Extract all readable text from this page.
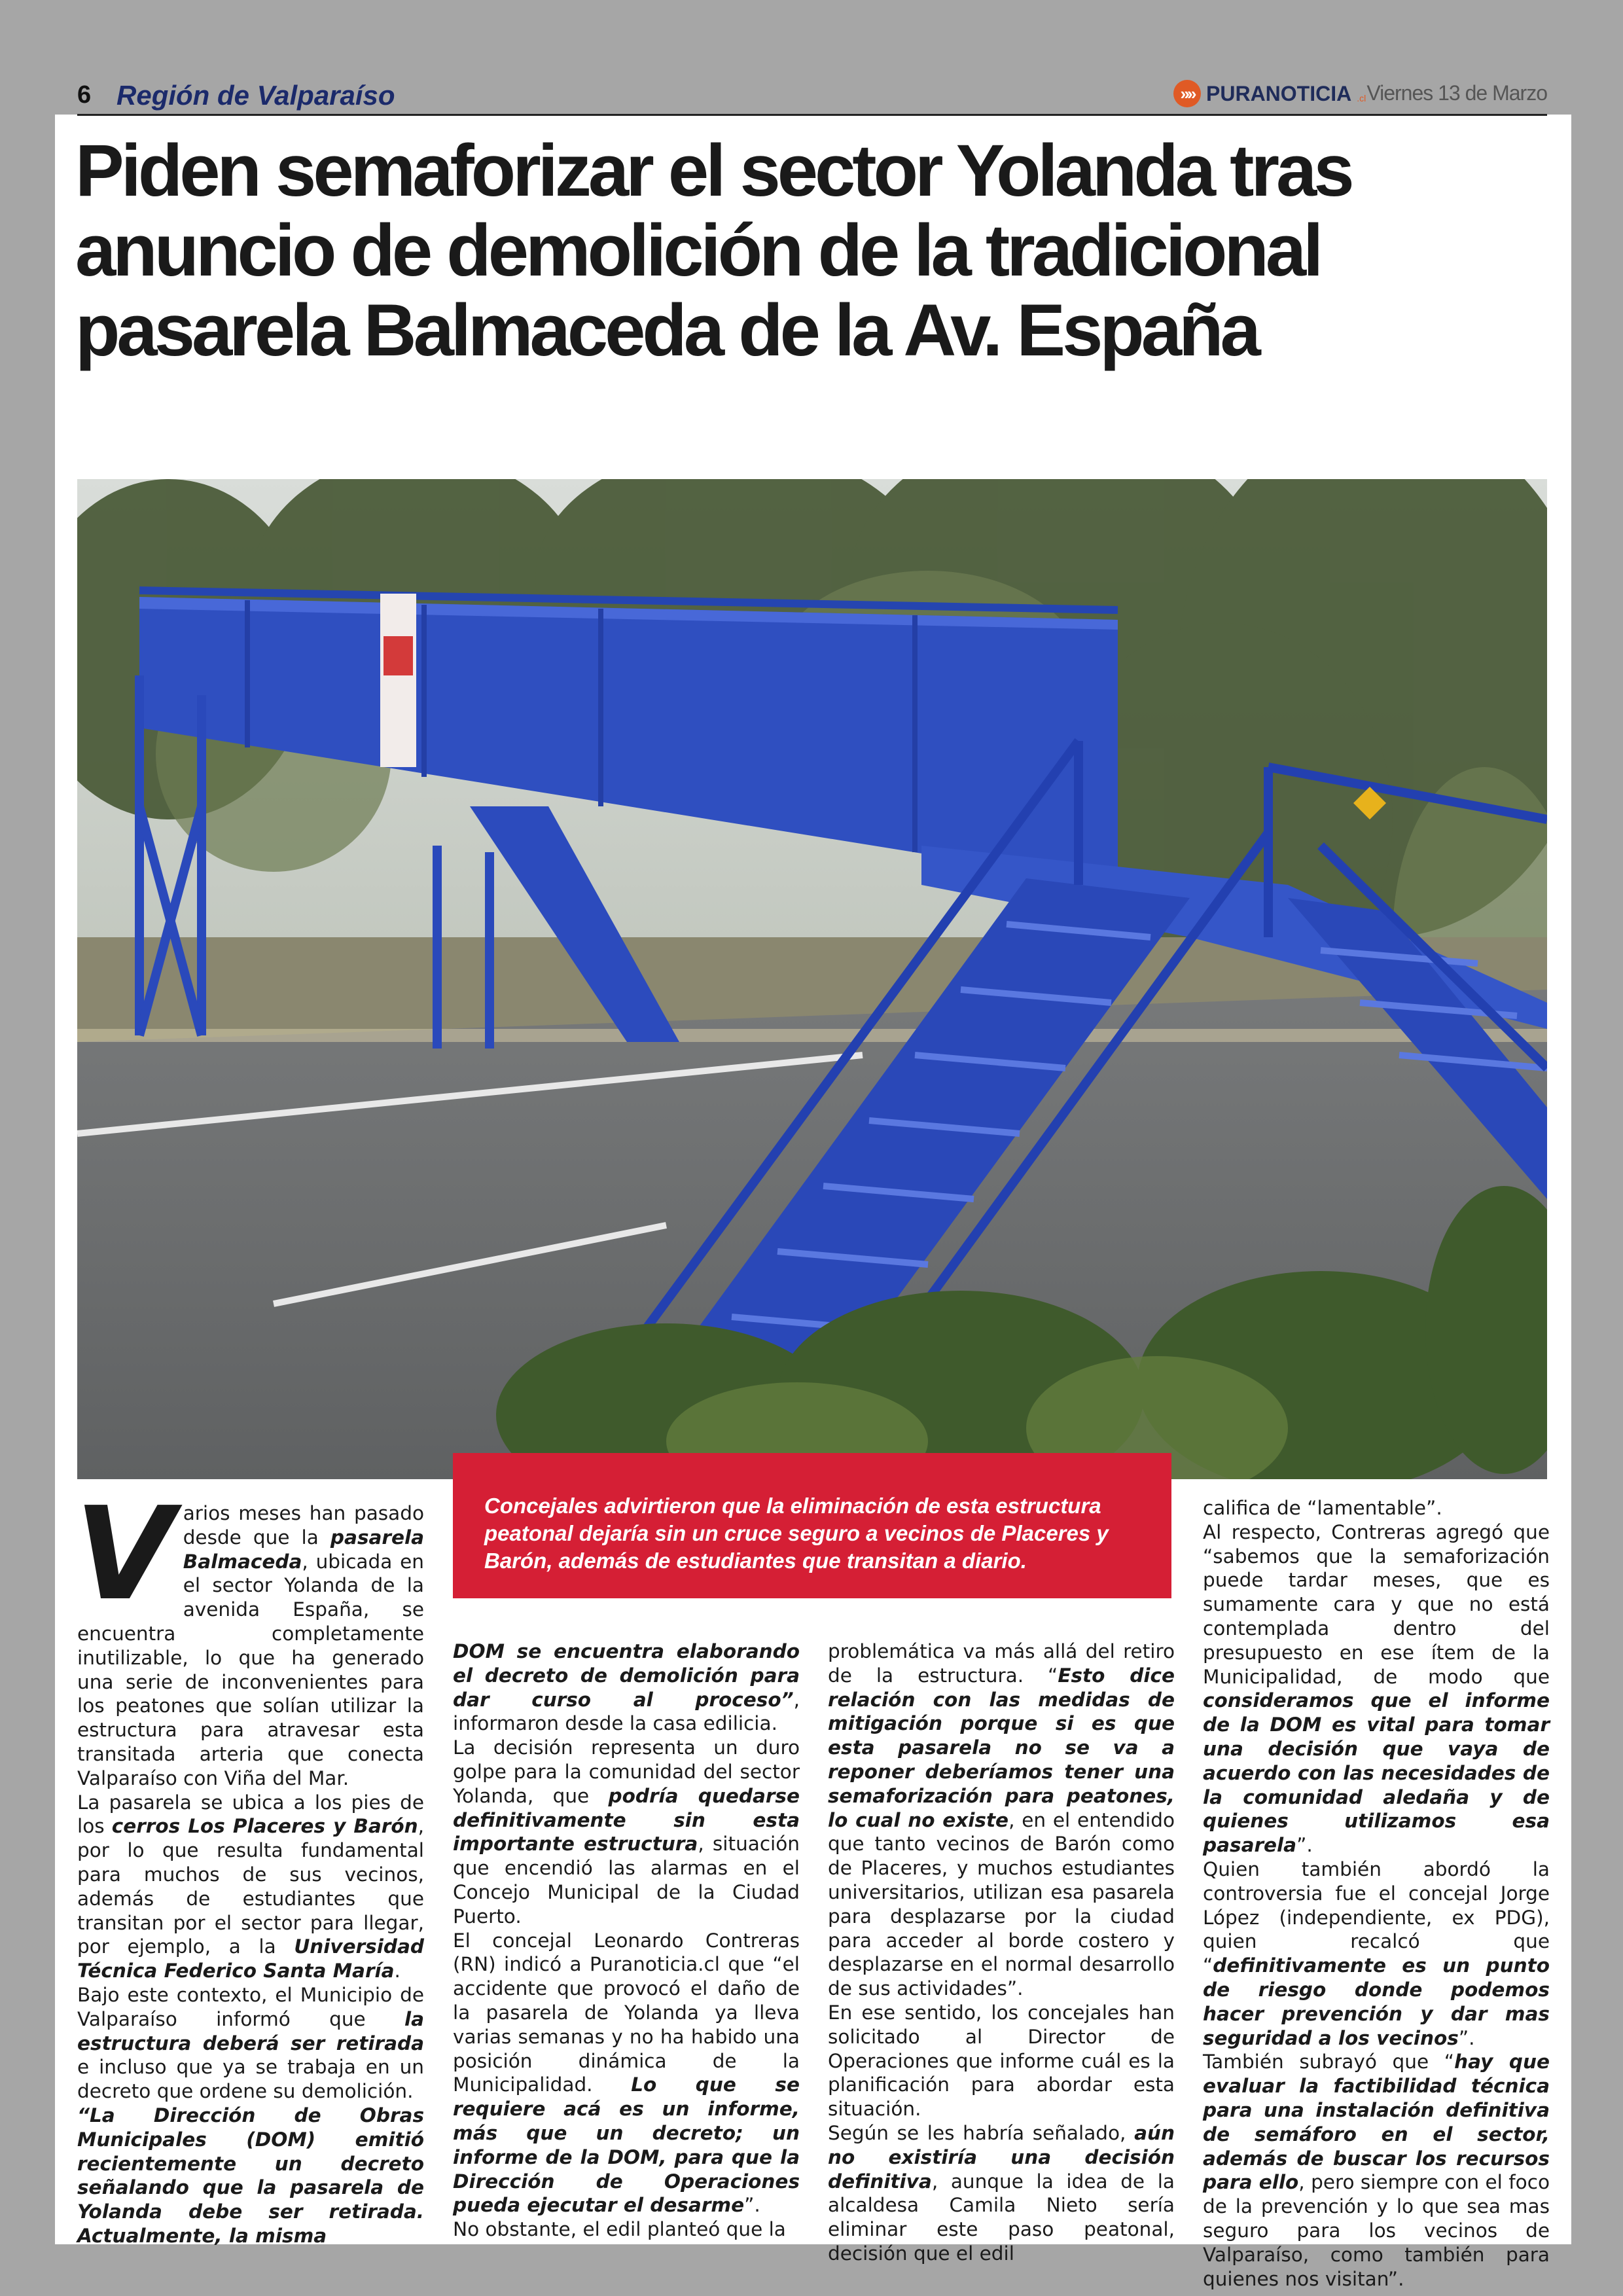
6 Región de Valparaíso	»» PURANOTICIA .cl Viernes 13 de Marzo
Piden semaforizar el sector Yolanda tras anuncio de demolición de la tradicional pasarela Balmaceda de la Av. España

Concejales advirtieron que la eliminación de esta estructura peatonal dejaría sin un cruce seguro a vecinos de Placeres y Barón, además de estudiantes que transitan a diario.

Varios meses han pasado desde que la pasarela Balmaceda, ubicada en el sector Yolanda de la avenida España, se encuentra completamente inutilizable, lo que ha generado una serie de inconvenientes para los peatones que solían utilizar la estructura para atravesar esta transitada arteria que conecta Valparaíso con Viña del Mar.

La pasarela se ubica a los pies de los cerros Los Placeres y Barón, por lo que resulta fundamental para muchos de sus vecinos, además de estudiantes que transitan por el sector para llegar, por ejemplo, a la Universidad Técnica Federico Santa María.

Bajo este contexto, el Municipio de Valparaíso informó que la estructura deberá ser retirada e incluso que ya se trabaja en un decreto que ordene su demolición.

“La Dirección de Obras Municipales (DOM) emitió recientemente un decreto señalando que la pasarela de Yolanda debe ser retirada. Actualmente, la misma

DOM se encuentra elaborando el decreto de demolición para dar curso al proceso”, informaron desde la casa edilicia.

La decisión representa un duro golpe para la comunidad del sector Yolanda, que podría quedarse definitivamente sin esta importante estructura, situación que encendió las alarmas en el Concejo Municipal de la Ciudad Puerto.

El concejal Leonardo Contreras (RN) indicó a Puranoticia.cl que “el accidente que provocó el daño de la pasarela de Yolanda ya lleva varias semanas y no ha habido una posición dinámica de la Municipalidad. Lo que se requiere acá es un informe, más que un decreto; un informe de la DOM, para que la Dirección de Operaciones pueda ejecutar el desarme”.

No obstante, el edil planteó que la

problemática va más allá del retiro de la estructura. “Esto dice relación con las medidas de mitigación porque si es que esta pasarela no se va a reponer deberíamos tener una semaforización para peatones, lo cual no existe, en el entendido que tanto vecinos de Barón como de Placeres, y muchos estudiantes universitarios, utilizan esa pasarela para desplazarse por la ciudad para acceder al borde costero y desplazarse en el normal desarrollo de sus actividades”.

En ese sentido, los concejales han solicitado al Director de Operaciones que informe cuál es la planificación para abordar esta situación.

Según se les habría señalado, aún no existiría una decisión definitiva, aunque la idea de la alcaldesa Camila Nieto sería eliminar este paso peatonal, decisión que el edil

califica de “lamentable”.

Al respecto, Contreras agregó que “sabemos que la semaforización puede tardar meses, que es sumamente cara y que no está contemplada dentro del presupuesto en ese ítem de la Municipalidad, de modo que consideramos que el informe de la DOM es vital para tomar una decisión que vaya de acuerdo con las necesidades de la comunidad aledaña y de quienes utilizamos esa pasarela”.

Quien también abordó la controversia fue el concejal Jorge López (independiente, ex PDG), quien recalcó que “definitivamente es un punto de riesgo donde podemos hacer prevención y dar mas seguridad a los vecinos”.

También subrayó que “hay que evaluar la factibilidad técnica para una instalación definitiva de semáforo en el sector, además de buscar los recursos para ello, pero siempre con el foco de la prevención y lo que sea mas seguro para los vecinos de Valparaíso, como también para quienes nos visitan”.
